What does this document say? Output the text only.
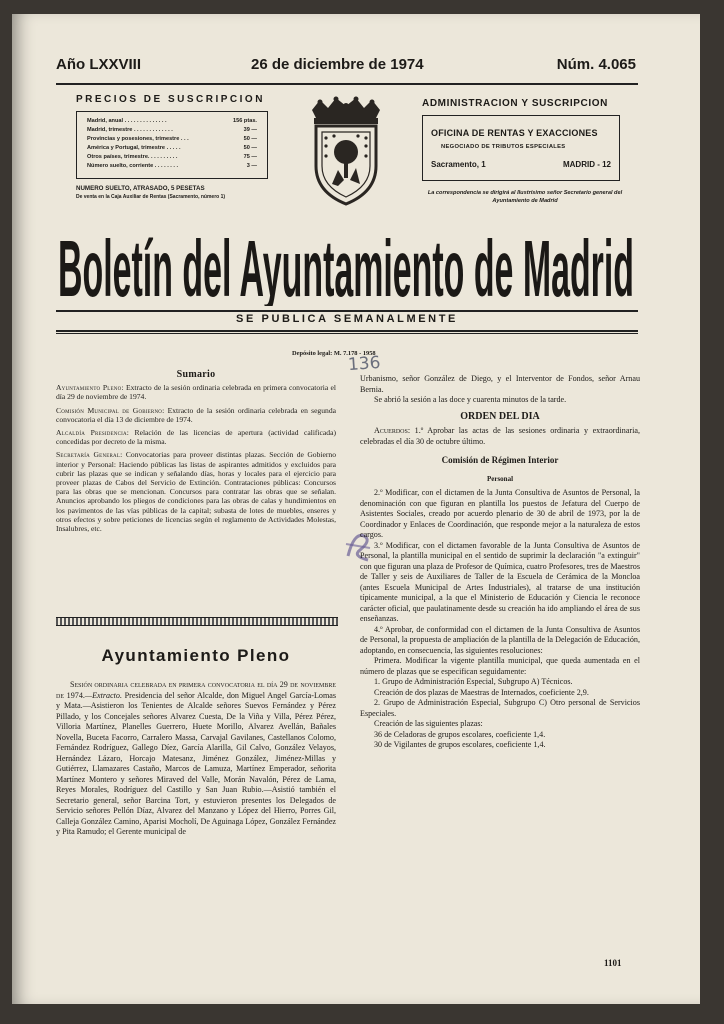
Año LXXVIII	26 de diciembre de 1974	Núm. 4.065
PRECIOS DE SUSCRIPCION
Madrid, anual . . . . . . . . . . . . . .	156 ptas.
Madrid, trimestre . . . . . . . . . . . . .	39 —
Provincias y posesiones, trimestre . . .	50 —
América y Portugal, trimestre . . . . .	50 —
Otros países, trimestre. . . . . . . . . .	75 —
Número suelto, corriente . . . . . . . .	3 —
NUMERO SUELTO, ATRASADO, 5 PESETAS
De venta en la Caja Auxiliar de Rentas (Sacramento, número 1)
ADMINISTRACION Y SUSCRIPCION
OFICINA DE RENTAS Y EXACCIONES
NEGOCIADO DE TRIBUTOS ESPECIALES
Sacramento, 1	MADRID - 12
La correspondencia se dirigirá al Ilustrísimo señor Secretario general del Ayuntamiento de Madrid
Boletín del Ayuntamiento de Madrid
SE PUBLICA SEMANALMENTE
Depósito legal: M. 7.178 - 1958
136
Sumario

Ayuntamiento Pleno: Extracto de la sesión ordinaria celebrada en primera convocatoria el día 29 de noviembre de 1974.

Comisión Municipal de Gobierno: Extracto de la sesión ordinaria celebrada en segunda convocatoria el día 13 de diciembre de 1974.

Alcaldía Presidencia: Relación de las licencias de apertura (actividad calificada) concedidas por decreto de la misma.

Secretaría General: Convocatorias para proveer distintas plazas. Sección de Gobierno interior y Personal: Haciendo públicas las listas de aspirantes admitidos y excluidos para cubrir las plazas que se indican y señalando días, horas y locales para el ejercicio para proveer plazas de Cabos del Servicio de Extinción. Contrataciones públicas: Concursos para las obras que se mencionan. Concursos para contratar las obras que se señalan. Anuncios aprobando los pliegos de condiciones para las obras de calas y hundimientos en los pavimentos de las vías públicas de la capital; subasta de lotes de muebles, enseres y otros efectos y sobre peticiones de licencias según el reglamento de Actividades Molestas, Insalubres, etc.

Ayuntamiento Pleno
Sesión ordinaria celebrada en primera convocatoria el día 29 de noviembre de 1974.—Extracto. Presidencia del señor Alcalde, don Miguel Angel García-Lomas y Mata.—Asistieron los Tenientes de Alcalde señores Suevos Fernández y Pérez Pillado, y los Concejales señores Alvarez Cuesta, De la Viña y Villa, Pérez Pérez, Villoria Martínez, Planelles Guerrero, Huete Morillo, Alvarez Avellán, Bañales Novella, Buceta Facorro, Carralero Massa, Carvajal Gavilanes, Castellanos Colomo, Fernández Rodríguez, Gallego Díez, García Alarilla, Gil Calvo, González Velayos, Hernández Lázaro, Horcajo Matesanz, Jiménez González, Jiménez-Millas y Gutiérrez, Llamazares Castaño, Marcos de Lamuza, Martínez Emperador, señorita Martínez Montero y señores Miraved del Valle, Morán Navalón, Pérez de Lama, Reyes Morales, Rodríguez del Castillo y San Juan Rubio.—Asistió también el Secretario general, señor Barcina Tort, y estuvieron presentes los Delegados de Servicio señores Pellón Díaz, Alvarez del Manzano y López del Hierro, Porres Gil, Calleja González Camino, Aparisi Mocholí, De Aguinaga López, González Fernández y Pita Ramudo; el Gerente municipal de

Urbanismo, señor González de Diego, y el Interventor de Fondos, señor Arnau Bernia.

Se abrió la sesión a las doce y cuarenta minutos de la tarde.

ORDEN DEL DIA

Acuerdos: 1.º Aprobar las actas de las sesiones ordinaria y extraordinaria, celebradas el día 30 de octubre último.

Comisión de Régimen Interior

Personal

2.º Modificar, con el dictamen de la Junta Consultiva de Asuntos de Personal, la denominación con que figuran en plantilla los puestos de Jefatura del Cuerpo de Asistentes Sociales, creado por acuerdo plenario de 30 de abril de 1973, por la de Coordinador y Enlaces de Coordinación, que responde mejor a la naturaleza de estos cargos.

3.º Modificar, con el dictamen favorable de la Junta Consultiva de Asuntos de Personal, la plantilla municipal en el sentido de suprimir la declaración "a extinguir" con que figuran una plaza de Profesor de Química, cuatro Profesores, tres de Maestros de Taller y seis de Auxiliares de Taller de la Escuela de Cerámica de la Moncloa (antes Escuela Municipal de Artes Industriales), al tratarse de una institución típicamente municipal, a la que el Ministerio de Educación y Ciencia le reconoce carácter oficial, que paulatinamente desde su creación ha ido ampliando el área de sus enseñanzas.

4.º Aprobar, de conformidad con el dictamen de la Junta Consultiva de Asuntos de Personal, la propuesta de ampliación de la plantilla de la Delegación de Educación, adoptando, en consecuencia, las siguientes resoluciones:

Primera. Modificar la vigente plantilla municipal, que queda aumentada en el número de plazas que se especifican seguidamente:

1. Grupo de Administración Especial, Subgrupo A) Técnicos.

Creación de dos plazas de Maestras de Internados, coeficiente 2,9.

2. Grupo de Administración Especial, Subgrupo C) Otro personal de Servicios Especiales.

Creación de las siguientes plazas:

36 de Celadoras de grupos escolares, coeficiente 1,4.

30 de Vigilantes de grupos escolares, coeficiente 1,4.

1101
